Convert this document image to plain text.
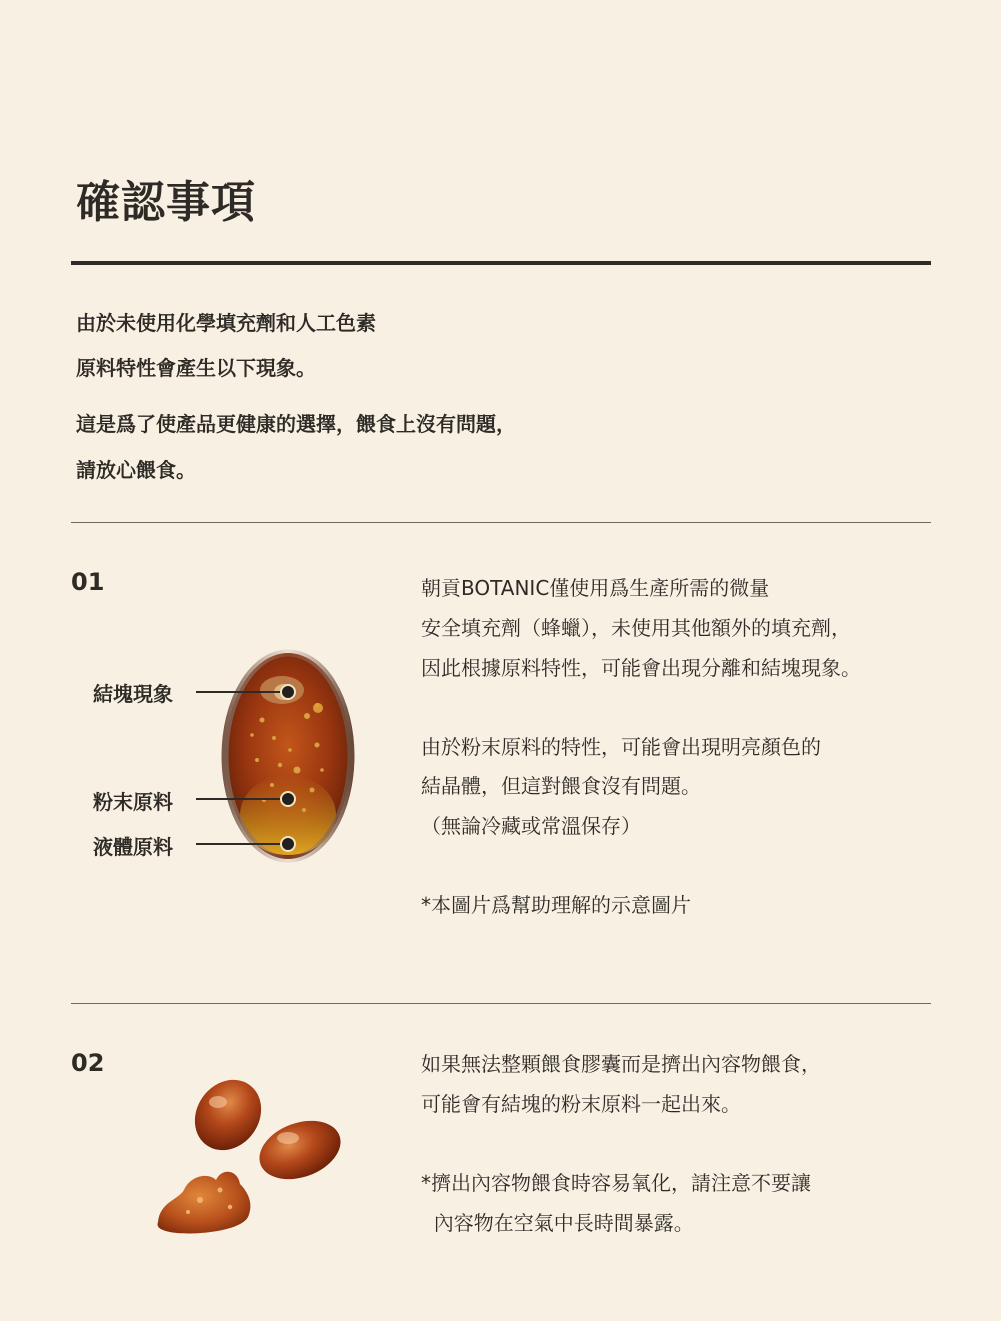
確認事項
由於未使用化學填充劑和人工色素
原料特性會產生以下現象。
這是爲了使產品更健康的選擇，餵食上沒有問題，
請放心餵食。
01
結塊現象
粉末原料
液體原料
朝貢BOTANIC僅使用爲生產所需的微量
安全填充劑（蜂蠟），未使用其他額外的填充劑，
因此根據原料特性，可能會出現分離和結塊現象。
由於粉末原料的特性，可能會出現明亮顏色的
結晶體，但這對餵食沒有問題。
（無論冷藏或常溫保存）
*本圖片爲幫助理解的示意圖片
02	如果無法整顆餵食膠囊而是擠出內容物餵食，
可能會有結塊的粉末原料一起出來。
*擠出內容物餵食時容易氧化，請注意不要讓
內容物在空氣中長時間暴露。
